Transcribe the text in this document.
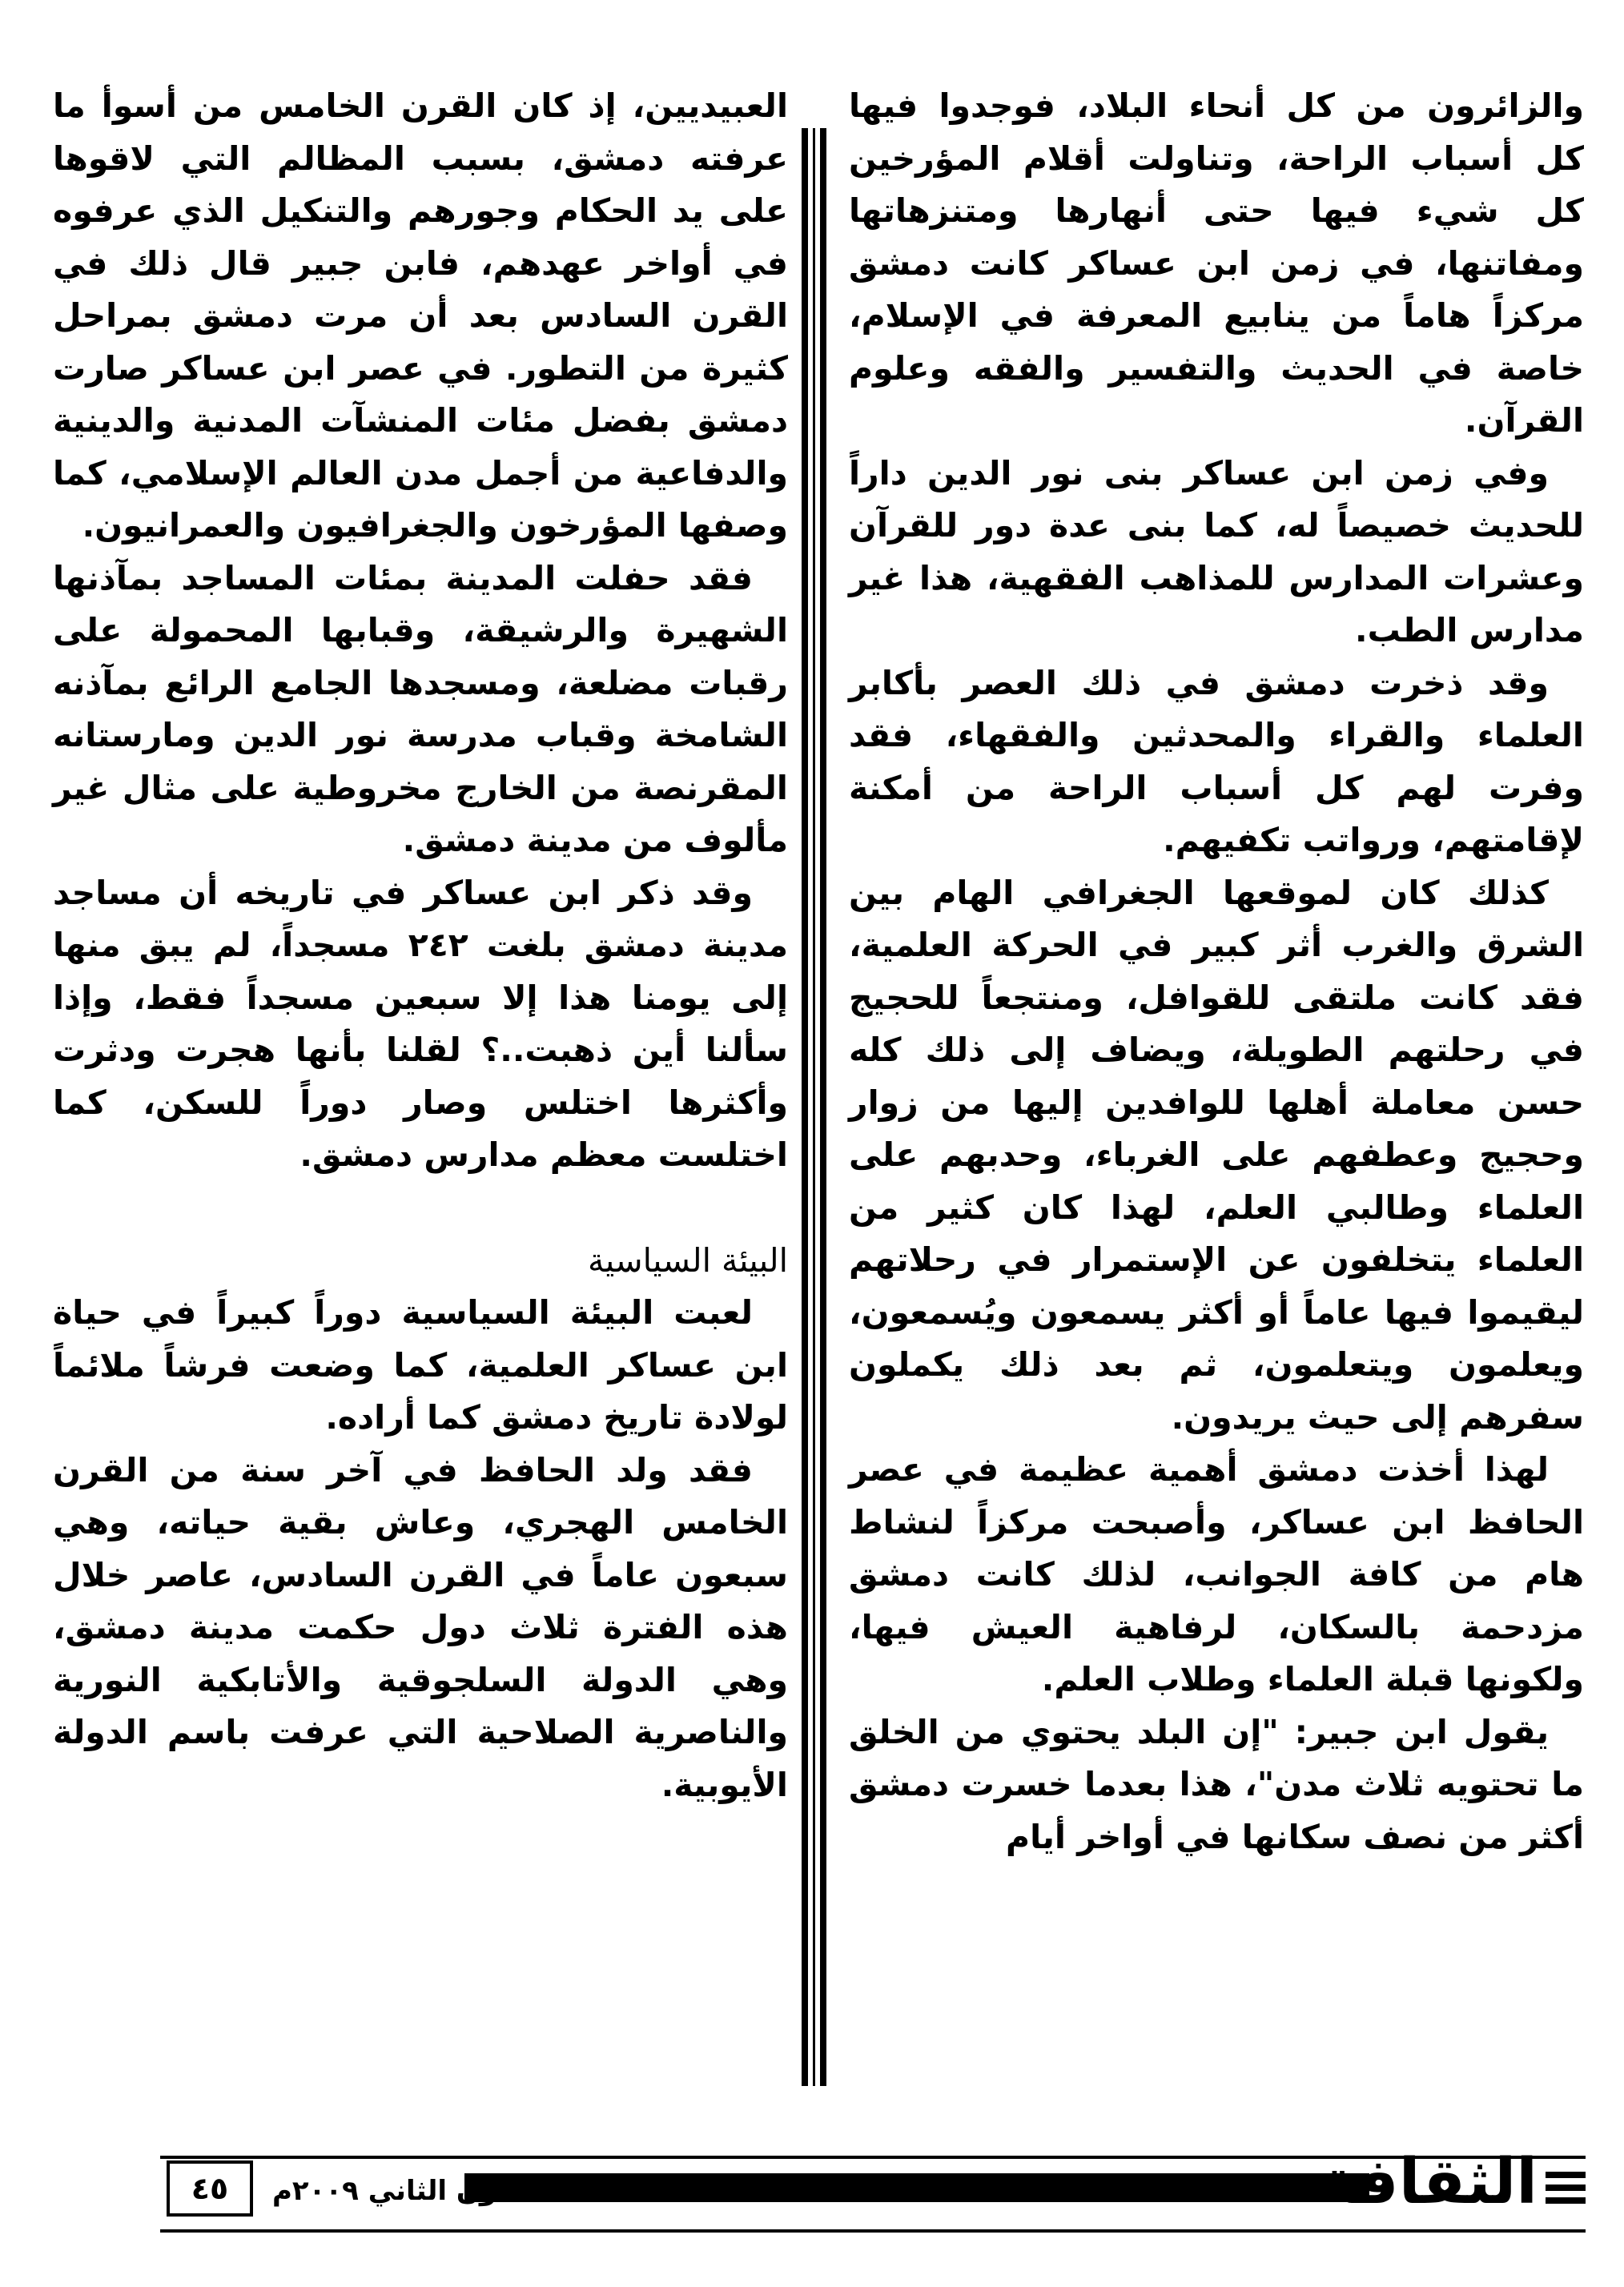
والزائرون من كل أنحاء البلاد، فوجدوا فيها كل أسباب الراحة، وتناولت أقلام المؤرخين كل شيء فيها حتى أنهارها ومتنزهاتها ومفاتنها، في زمن ابن عساكر كانت دمشق مركزاً هاماً من ينابيع المعرفة في الإسلام، خاصة في الحديث والتفسير والفقه وعلوم القرآن.

وفي زمن ابن عساكر بنى نور الدين داراً للحديث خصيصاً له، كما بنى عدة دور للقرآن وعشرات المدارس للمذاهب الفقهية، هذا غير مدارس الطب.

وقد ذخرت دمشق في ذلك العصر بأكابر العلماء والقراء والمحدثين والفقهاء، فقد وفرت لهم كل أسباب الراحة من أمكنة لإقامتهم، ورواتب تكفيهم.

كذلك كان لموقعها الجغرافي الهام بين الشرق والغرب أثر كبير في الحركة العلمية، فقد كانت ملتقى للقوافل، ومنتجعاً للحجيج في رحلتهم الطويلة، ويضاف إلى ذلك كله حسن معاملة أهلها للوافدين إليها من زوار وحجيج وعطفهم على الغرباء، وحدبهم على العلماء وطالبي العلم، لهذا كان كثير من العلماء يتخلفون عن الإستمرار في رحلاتهم ليقيموا فيها عاماً أو أكثر يسمعون ويُسمعون، ويعلمون ويتعلمون، ثم بعد ذلك يكملون سفرهم إلى حيث يريدون.

لهذا أخذت دمشق أهمية عظيمة في عصر الحافظ ابن عساكر، وأصبحت مركزاً لنشاط هام من كافة الجوانب، لذلك كانت دمشق مزدحمة بالسكان، لرفاهية العيش فيها، ولكونها قبلة العلماء وطلاب العلم.

يقول ابن جبير: "إن البلد يحتوي من الخلق ما تحتويه ثلاث مدن"، هذا بعدما خسرت دمشق أكثر من نصف سكانها في أواخر أيام

العبيديين، إذ كان القرن الخامس من أسوأ ما عرفته دمشق، بسبب المظالم التي لاقوها على يد الحكام وجورهم والتنكيل الذي عرفوه في أواخر عهدهم، فابن جبير قال ذلك في القرن السادس بعد أن مرت دمشق بمراحل كثيرة من التطور. في عصر ابن عساكر صارت دمشق بفضل مئات المنشآت المدنية والدينية والدفاعية من أجمل مدن العالم الإسلامي، كما وصفها المؤرخون والجغرافيون والعمرانيون.

فقد حفلت المدينة بمئات المساجد بمآذنها الشهيرة والرشيقة، وقبابها المحمولة على رقبات مضلعة، ومسجدها الجامع الرائع بمآذنه الشامخة وقباب مدرسة نور الدين ومارستانه المقرنصة من الخارج مخروطية على مثال غير مألوف من مدينة دمشق.

وقد ذكر ابن عساكر في تاريخه أن مساجد مدينة دمشق بلغت ٢٤٢ مسجداً، لم يبق منها إلى يومنا هذا إلا سبعين مسجداً فقط، وإذا سألنا أين ذهبت..؟ لقلنا بأنها هجرت ودثرت وأكثرها اختلس وصار دوراً للسكن، كما اختلست معظم مدارس دمشق.

البيئة السياسية

لعبت البيئة السياسية دوراً كبيراً في حياة ابن عساكر العلمية، كما وضعت فرشاً ملائماً لولادة تاريخ دمشق كما أراده.

فقد ولد الحافظ في آخر سنة من القرن الخامس الهجري، وعاش بقية حياته، وهي سبعون عاماً في القرن السادس، عاصر خلال هذه الفترة ثلاث دول حكمت مدينة دمشق، وهي الدولة السلجوقية والأتابكية النورية والناصرية الصلاحية التي عرفت باسم الدولة الأيوبية.

الثقافة
كانون الثاني ٢٠٠٩م
٤٥
